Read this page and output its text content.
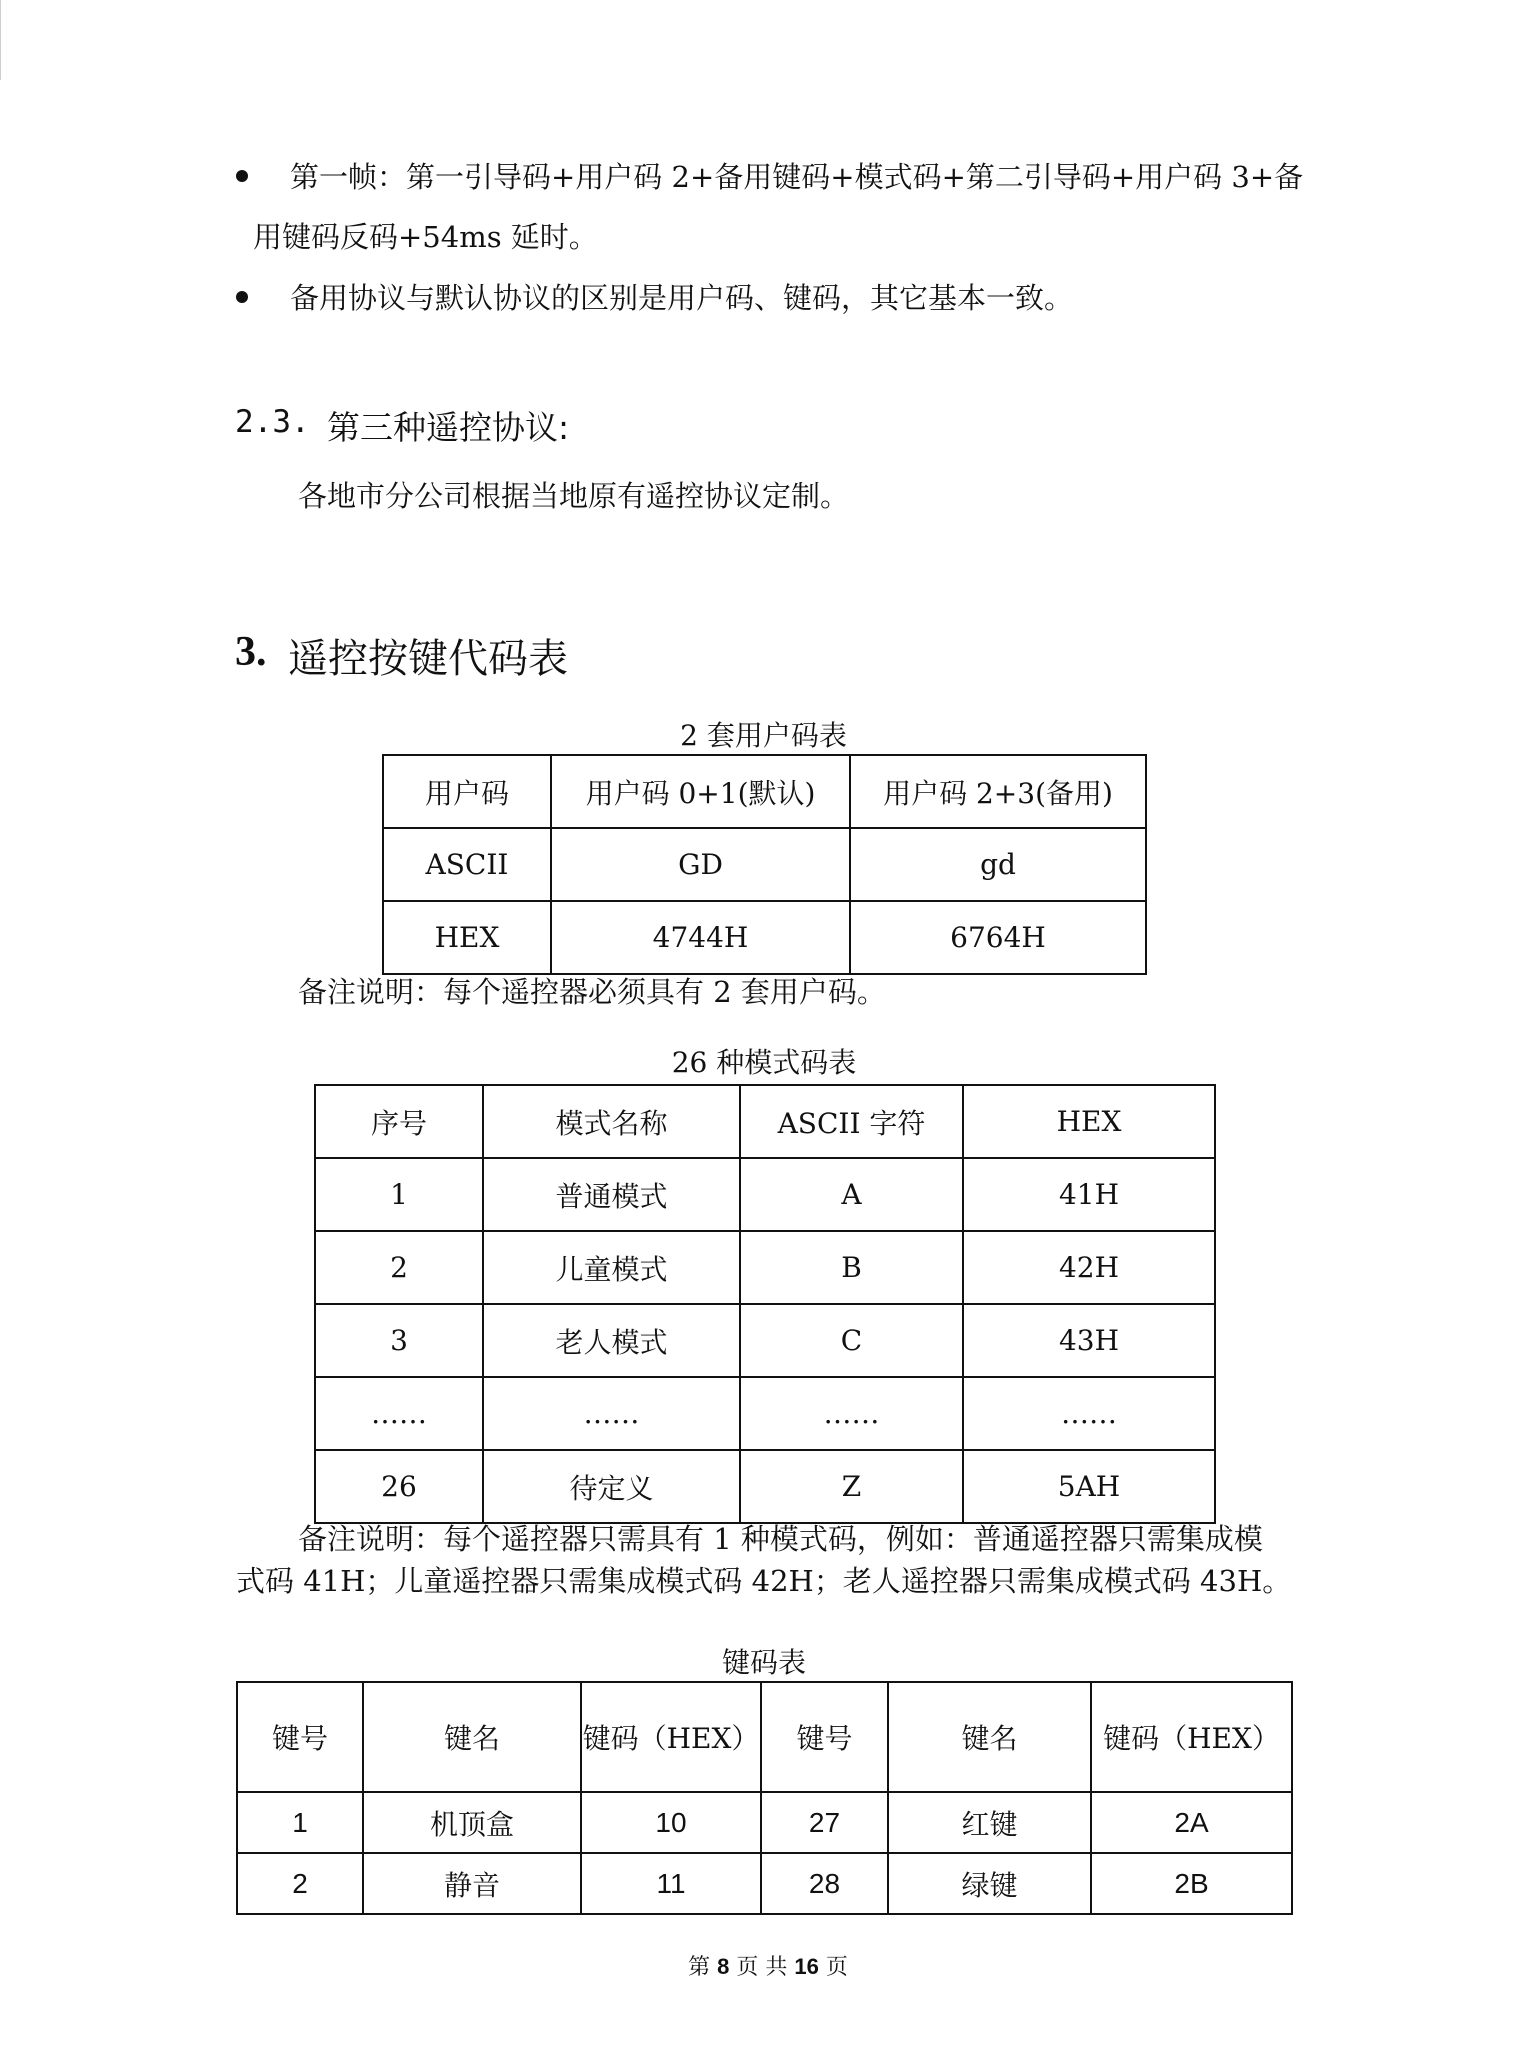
第一帧：第一引导码+用户码 2+备用键码+模式码+第二引导码+用户码 3+备
用键码反码+54ms 延时。
备用协议与默认协议的区别是用户码、键码，其它基本一致。
2.3. 第三种遥控协议:
各地市分公司根据当地原有遥控协议定制。
3. 遥控按键代码表
2 套用户码表
用户码	用户码 0+1(默认)	用户码 2+3(备用)
ASCII	GD	gd
HEX	4744H	6764H
备注说明：每个遥控器必须具有 2 套用户码。
26 种模式码表
序号	模式名称	ASCII 字符	HEX
1	普通模式	A	41H
2	儿童模式	B	42H
3	老人模式	C	43H
……	……	……	……
26	待定义	Z	5AH
备注说明：每个遥控器只需具有 1 种模式码，例如：普通遥控器只需集成模
式码 41H；儿童遥控器只需集成模式码 42H；老人遥控器只需集成模式码 43H。
键码表
键号	键名	键码（HEX）	键号	键名	键码（HEX）
1	机顶盒	10	27	红键	2A
2	静音	11	28	绿键	2B
第 8 页 共 16 页
